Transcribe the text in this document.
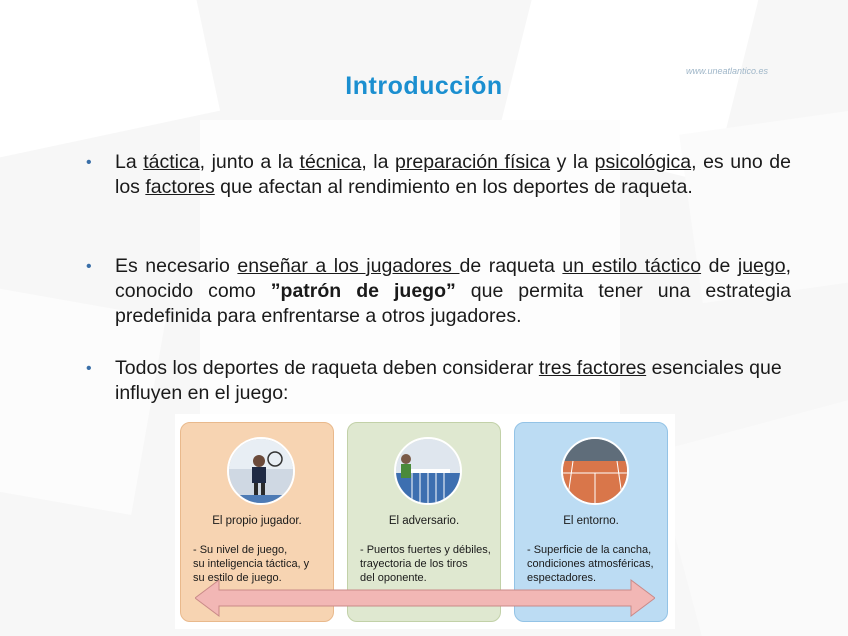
www.uneatlantico.es
Introducción
• La táctica, junto a la técnica, la preparación física y la psicológica, es uno de los factores que afectan al rendimiento en los deportes de raqueta.
• Es necesario enseñar a los jugadores de raqueta un estilo táctico de juego, conocido como ”patrón de juego” que permita tener una estrategia predefinida para enfrentarse a otros jugadores.
• Todos los deportes de raqueta deben considerar tres factores esenciales que influyen en el juego:
El propio jugador.
- Su nivel de juego,
su inteligencia táctica, y
su estilo de juego.
El adversario.
- Puertos fuertes y débiles,
trayectoria de los tiros
del oponente.
El entorno.
- Superficie de la cancha,
condiciones atmosféricas,
espectadores.
